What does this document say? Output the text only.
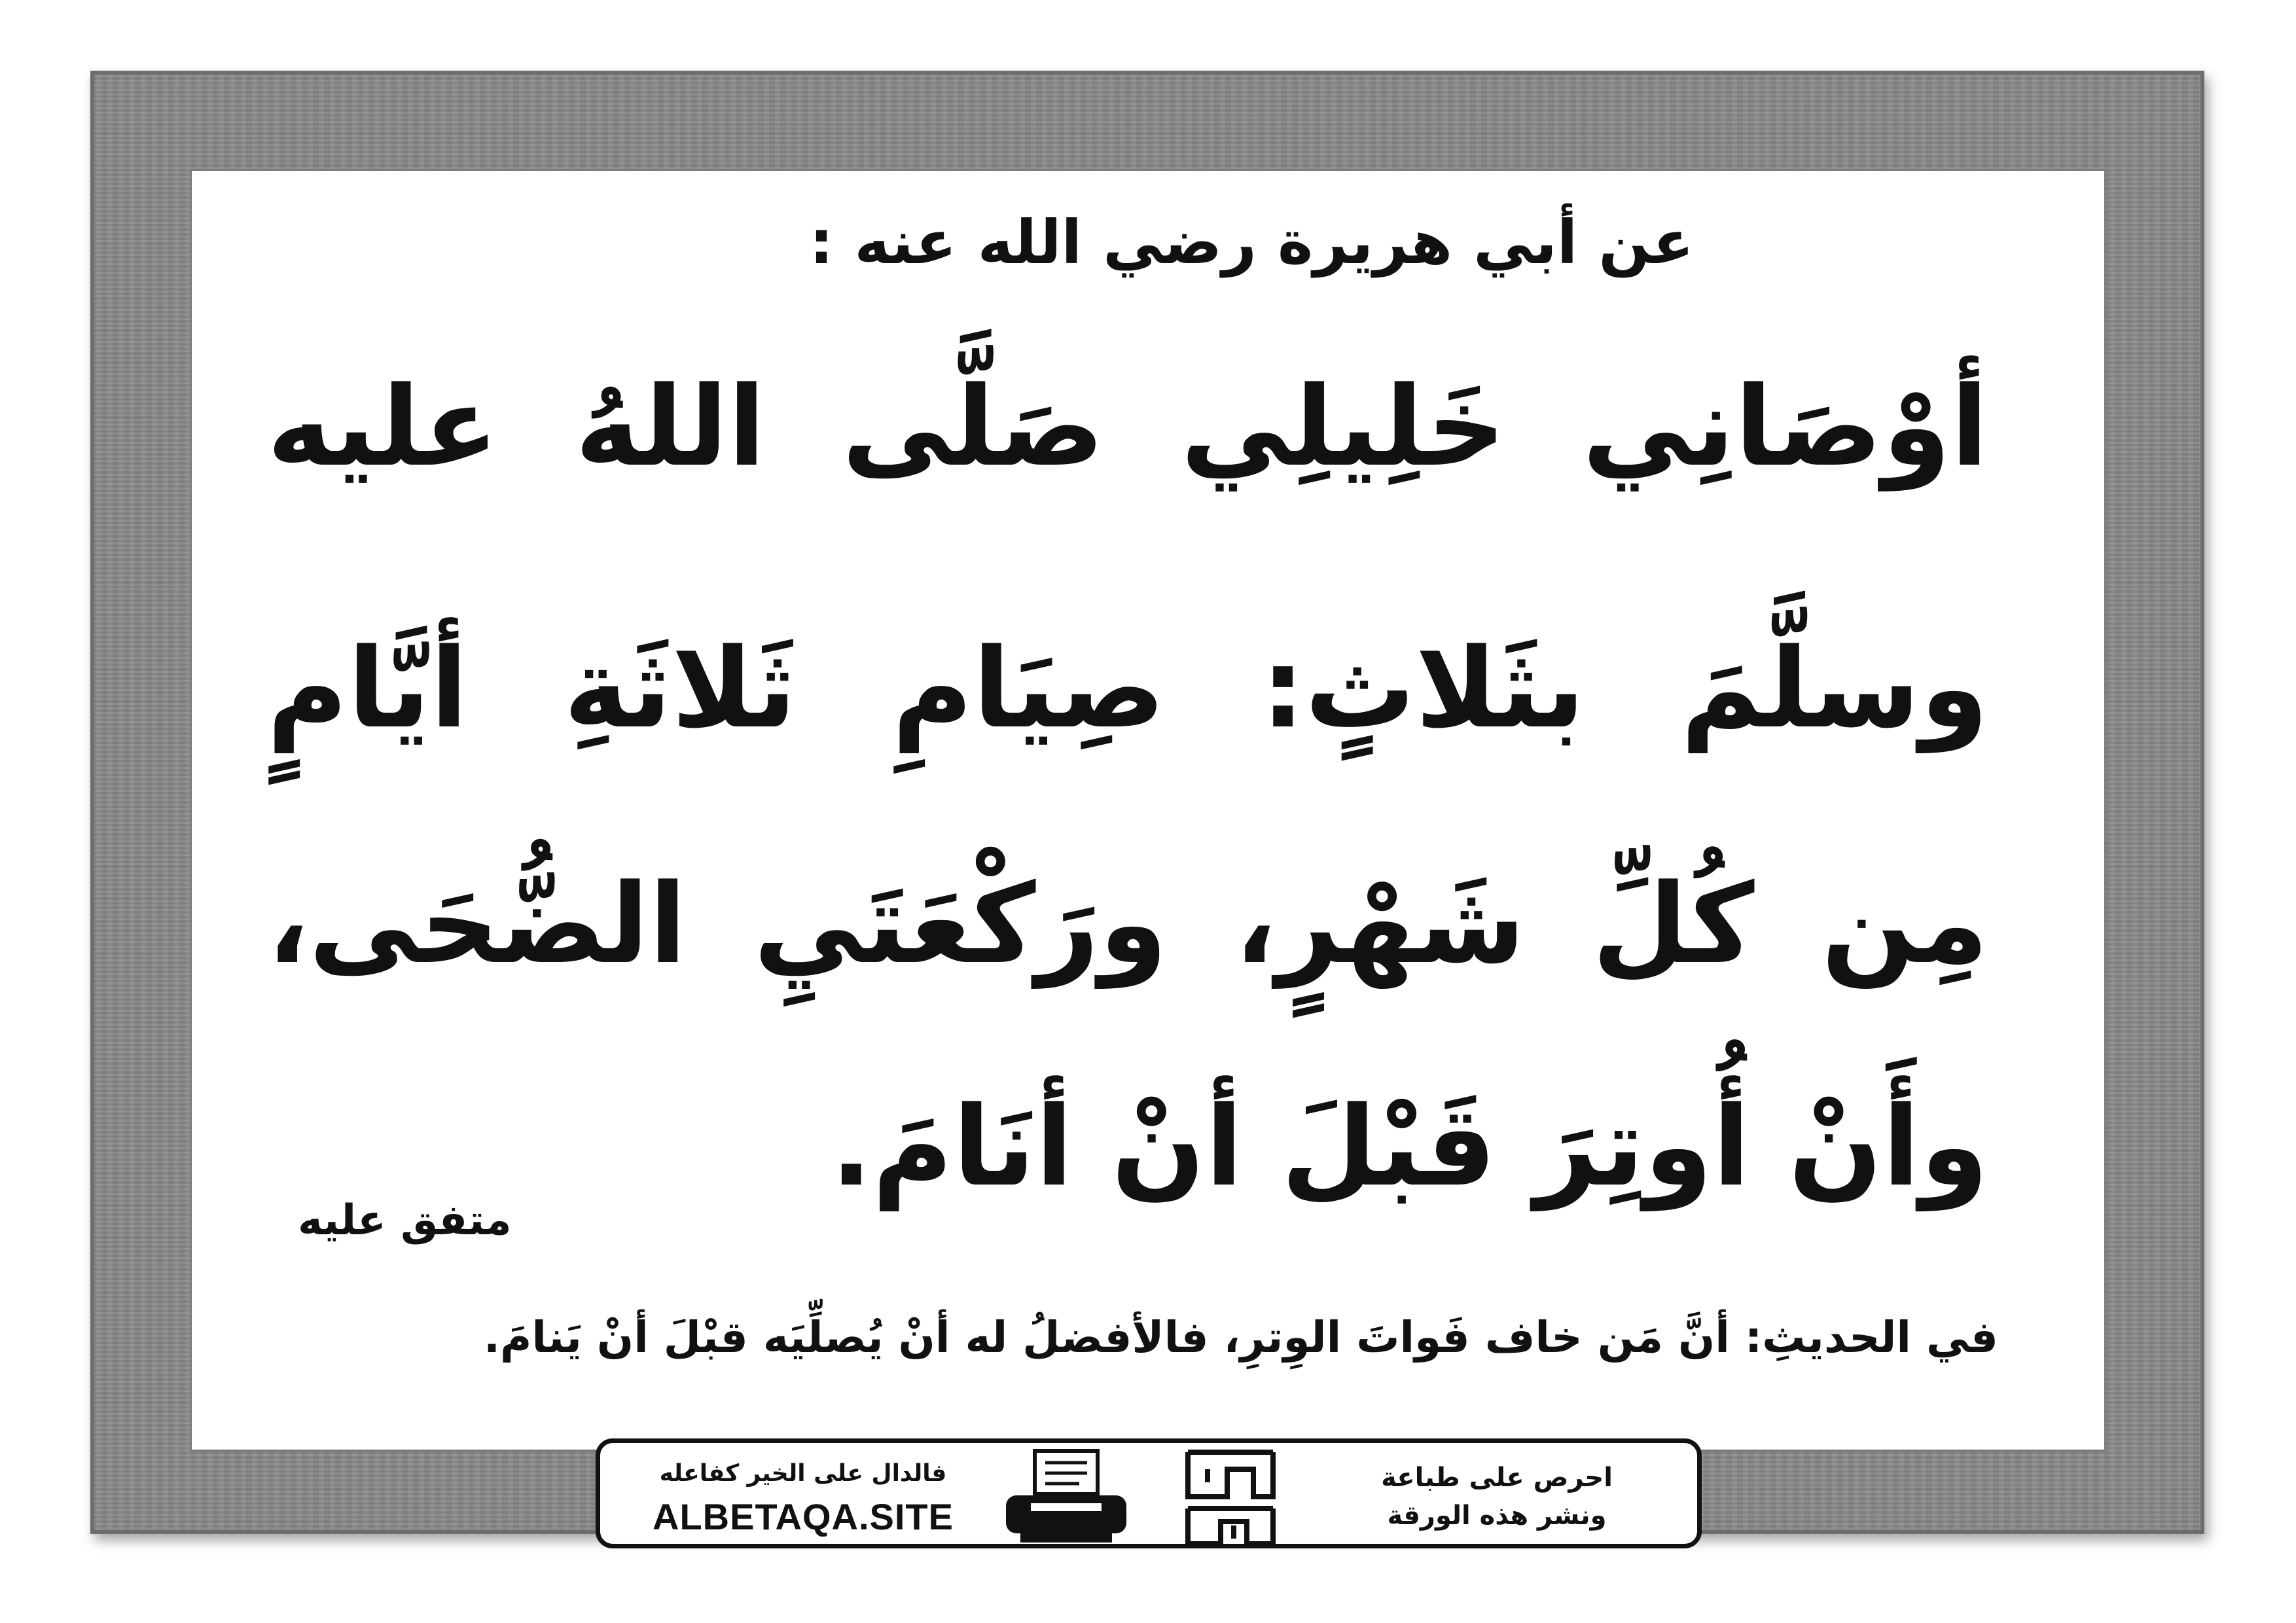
عن أبي هريرة رضي الله عنه :
أوْصَانِي خَلِيلِي صَلَّى اللهُ عليه
وسلَّمَ بثَلاثٍ: صِيَامِ ثَلاثَةِ أيَّامٍ
مِن كُلِّ شَهْرٍ، ورَكْعَتَيِ الضُّحَى،
وأَنْ أُوتِرَ قَبْلَ أنْ أنَامَ.
متفق عليه
في الحديثِ: أنَّ مَن خاف فَواتَ الوِترِ، فالأفضلُ له أنْ يُصلِّيَه قبْلَ أنْ يَنامَ.
فالدال على الخير كفاعله
ALBETAQA.SITE
احرص على طباعة
ونشر هذه الورقة
